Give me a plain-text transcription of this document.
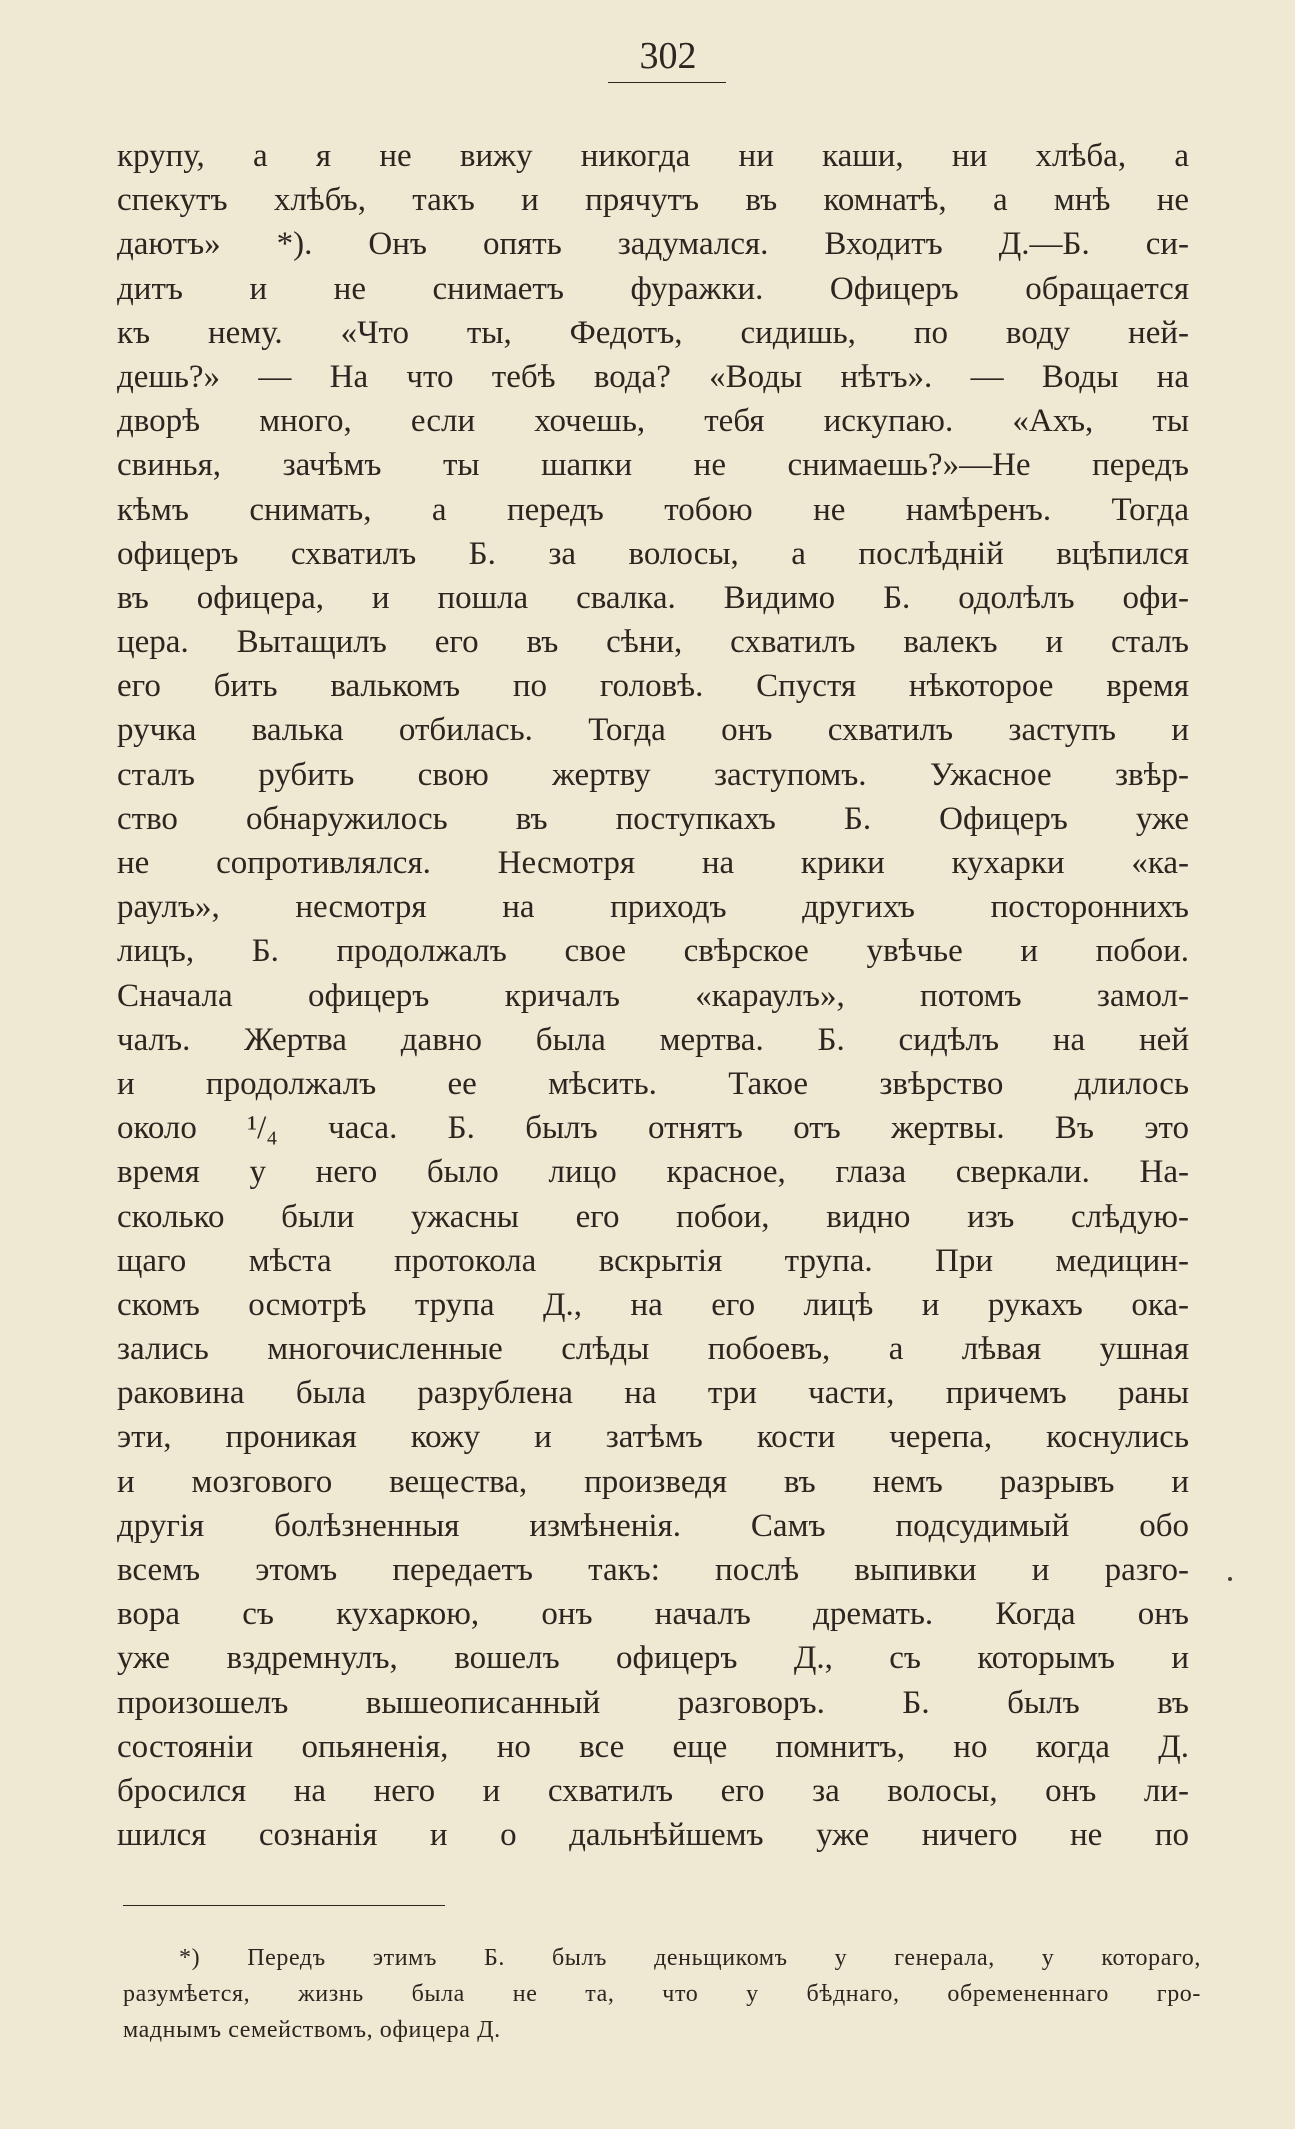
302
крупу, а я не вижу никогда ни каши, ни хлѣба, а
спекутъ хлѣбъ, такъ и прячутъ въ комнатѣ, а мнѣ не
даютъ» *). Онъ опять задумался. Входитъ Д.—Б. си-
дитъ и не снимаетъ фуражки. Офицеръ обращается
къ нему. «Что ты, Федотъ, сидишь, по воду ней-
дешь?» — На что тебѣ вода? «Воды нѣтъ». — Воды на
дворѣ много, если хочешь, тебя искупаю. «Ахъ, ты
свинья, зачѣмъ ты шапки не снимаешь?»—Не передъ
кѣмъ снимать, а передъ тобою не намѣренъ. Тогда
офицеръ схватилъ Б. за волосы, а послѣднiй вцѣпился
въ офицера, и пошла свалка. Видимо Б. одолѣлъ офи-
цера. Вытащилъ его въ сѣни, схватилъ валекъ и сталъ
его бить валькомъ по головѣ. Спустя нѣкоторое время
ручка валька отбилась. Тогда онъ схватилъ заступъ и
сталъ рубить свою жертву заступомъ. Ужасное звѣр-
ство обнаружилось въ поступкахъ Б. Офицеръ уже
не сопротивлялся. Несмотря на крики кухарки «ка-
раулъ», несмотря на приходъ другихъ постороннихъ
лицъ, Б. продолжалъ свое свѣрское увѣчье и побои.
Сначала офицеръ кричалъ «караулъ», потомъ замол-
чалъ. Жертва давно была мертва. Б. сидѣлъ на ней
и продолжалъ ее мѣсить. Такое звѣрство длилось
около ¹/₄ часа. Б. былъ отнятъ отъ жертвы. Въ это
время у него было лицо красное, глаза сверкали. На-
сколько были ужасны его побои, видно изъ слѣдую-
щаго мѣста протокола вскрытiя трупа. При медицин-
скомъ осмотрѣ трупа Д., на его лицѣ и рукахъ ока-
зались многочисленные слѣды побоевъ, а лѣвая ушная
раковина была разрублена на три части, причемъ раны
эти, проникая кожу и затѣмъ кости черепа, коснулись
и мозгового вещества, произведя въ немъ разрывъ и
другiя болѣзненныя измѣненiя. Самъ подсудимый обо
всемъ этомъ передаетъ такъ: послѣ выпивки и разго-
вора съ кухаркою, онъ началъ дремать. Когда онъ
уже вздремнулъ, вошелъ офицеръ Д., съ которымъ и
произошелъ вышеописанный разговоръ. Б. былъ въ
состоянiи опьяненiя, но все еще помнитъ, но когда Д.
бросился на него и схватилъ его за волосы, онъ ли-
шился сознанiя и о дальнѣйшемъ уже ничего не по
*) Передъ этимъ Б. былъ деньщикомъ у генерала, у котораго,
разумѣется, жизнь была не та, что у бѣднаго, обремененнаго гро-
маднымъ семействомъ, офицера Д.
